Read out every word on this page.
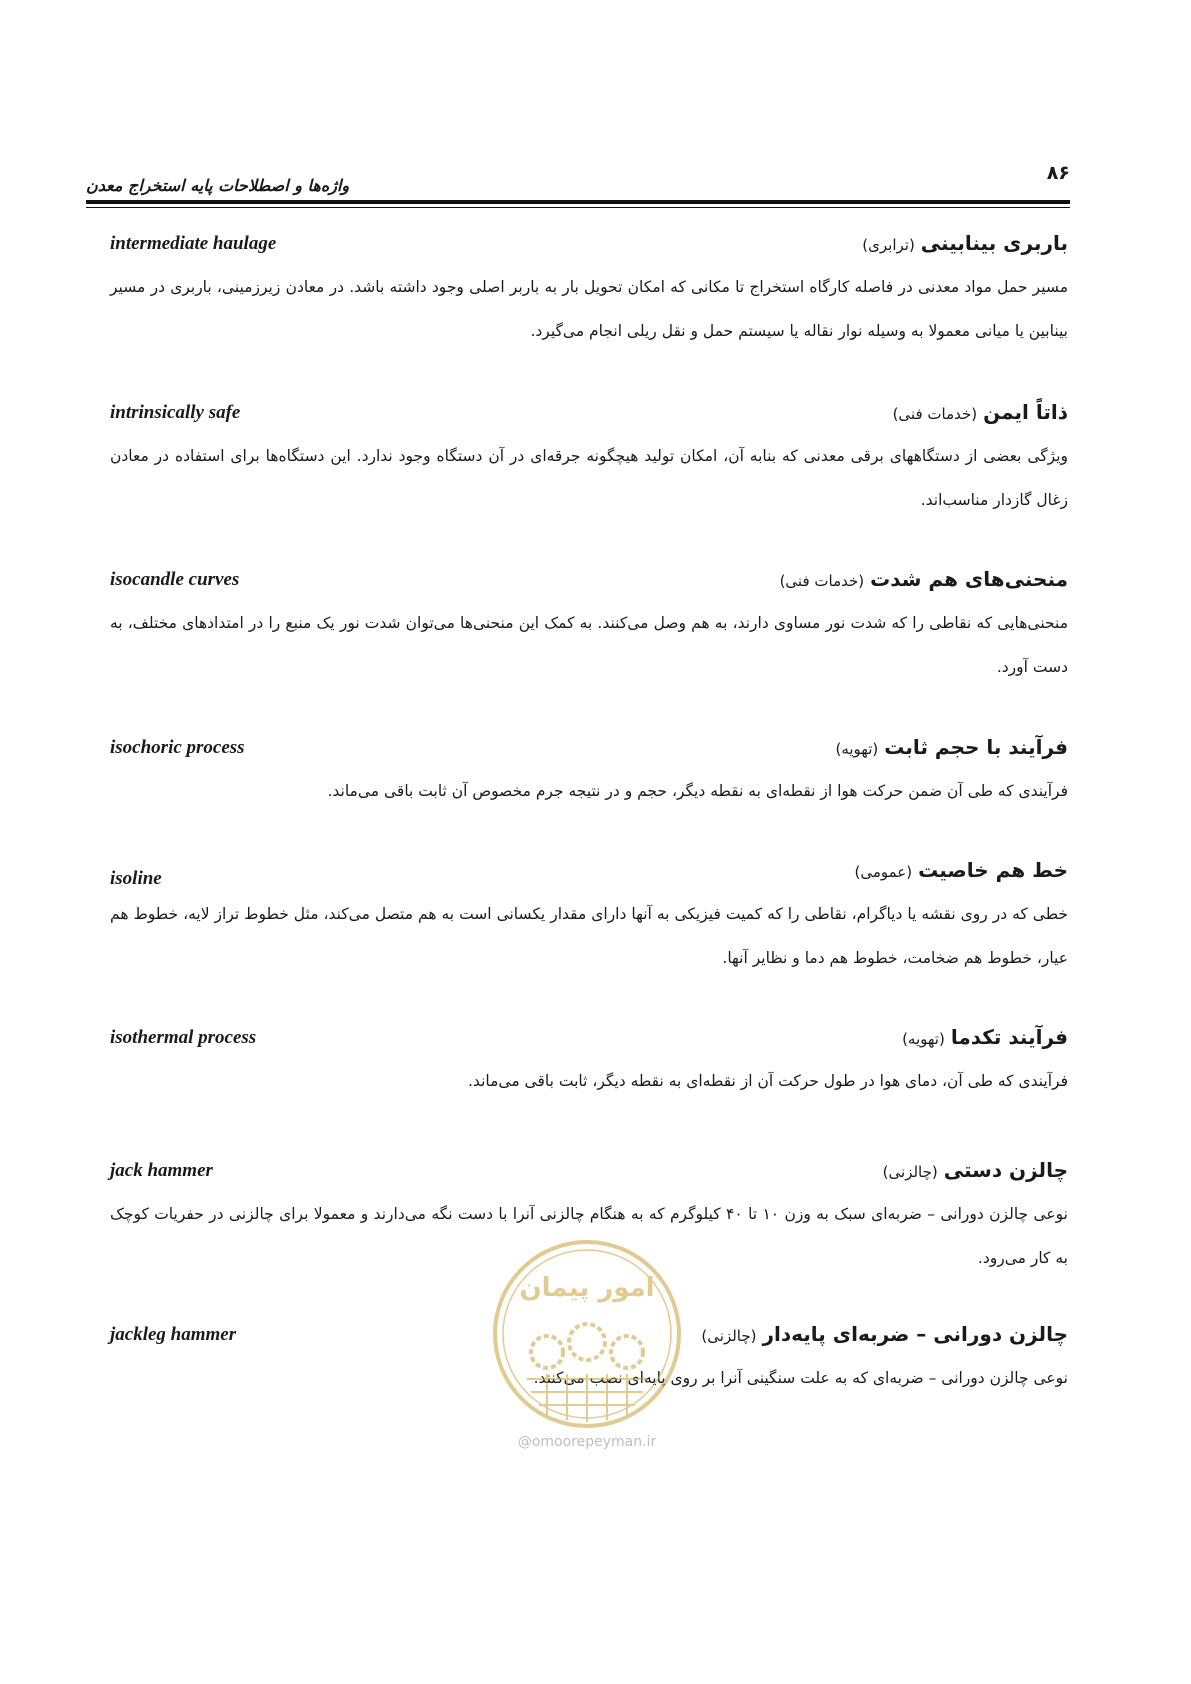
۸۶
واژه‌ها و اصطلاحات پایه استخراج معدن
باربری بینابینی(ترابری)
intermediate haulage

مسیر حمل مواد معدنی در فاصله کارگاه استخراج تا مکانی که امکان تحویل بار به باربر اصلی وجود داشته باشد. در معادن زیرزمینی، باربری در مسیر بینابین یا میانی معمولا به وسیله نوار نقاله یا سیستم حمل و نقل ریلی انجام می‌گیرد.

ذاتاً ایمن(خدمات فنی)
intrinsically safe

ویژگی بعضی از دستگاههای برقی معدنی که بنابه آن، امکان تولید هیچگونه جرقه‌ای در آن دستگاه وجود ندارد. این دستگاه‌ها برای استفاده در معادن زغال گازدار مناسب‌اند.

منحنی‌های هم شدت(خدمات فنی)
isocandle curves

منحنی‌هایی که نقاطی را که شدت نور مساوی دارند، به هم وصل می‌کنند. به کمک این منحنی‌ها می‌توان شدت نور یک منبع را در امتدادهای مختلف، به دست آورد.

فرآیند با حجم ثابت(تهویه)
isochoric process

فرآیندی که طی آن ضمن حرکت هوا از نقطه‌ای به نقطه دیگر، حجم و در نتیجه جرم مخصوص آن ثابت باقی می‌ماند.

خط هم خاصیت(عمومی)
isoline

خطی که در روی نقشه یا دیاگرام، نقاطی را که کمیت فیزیکی به آنها دارای مقدار یکسانی است به هم متصل می‌کند، مثل خطوط تراز لایه، خطوط هم عیار، خطوط هم ضخامت، خطوط هم دما و نظایر آنها.

فرآیند تکدما(تهویه)
isothermal process

فرآیندی که طی آن، دمای هوا در طول حرکت آن از نقطه‌ای به نقطه دیگر، ثابت باقی می‌ماند.

چالزن دستی(چالزنی)
jack hammer

نوعی چالزن دورانی – ضربه‌ای سبک به وزن ۱۰ تا ۴۰ کیلوگرم که به هنگام چالزنی آنرا با دست نگه می‌دارند و معمولا برای چالزنی در حفریات کوچک به کار می‌رود.

چالزن دورانی – ضربه‌ای پایه‌دار(چالزنی)
jackleg hammer

نوعی چالزن دورانی – ضربه‌ای که به علت سنگینی آنرا بر روی پایه‌ای نصب می‌کنند.

امور پیمان
@omoorepeyman.ir
